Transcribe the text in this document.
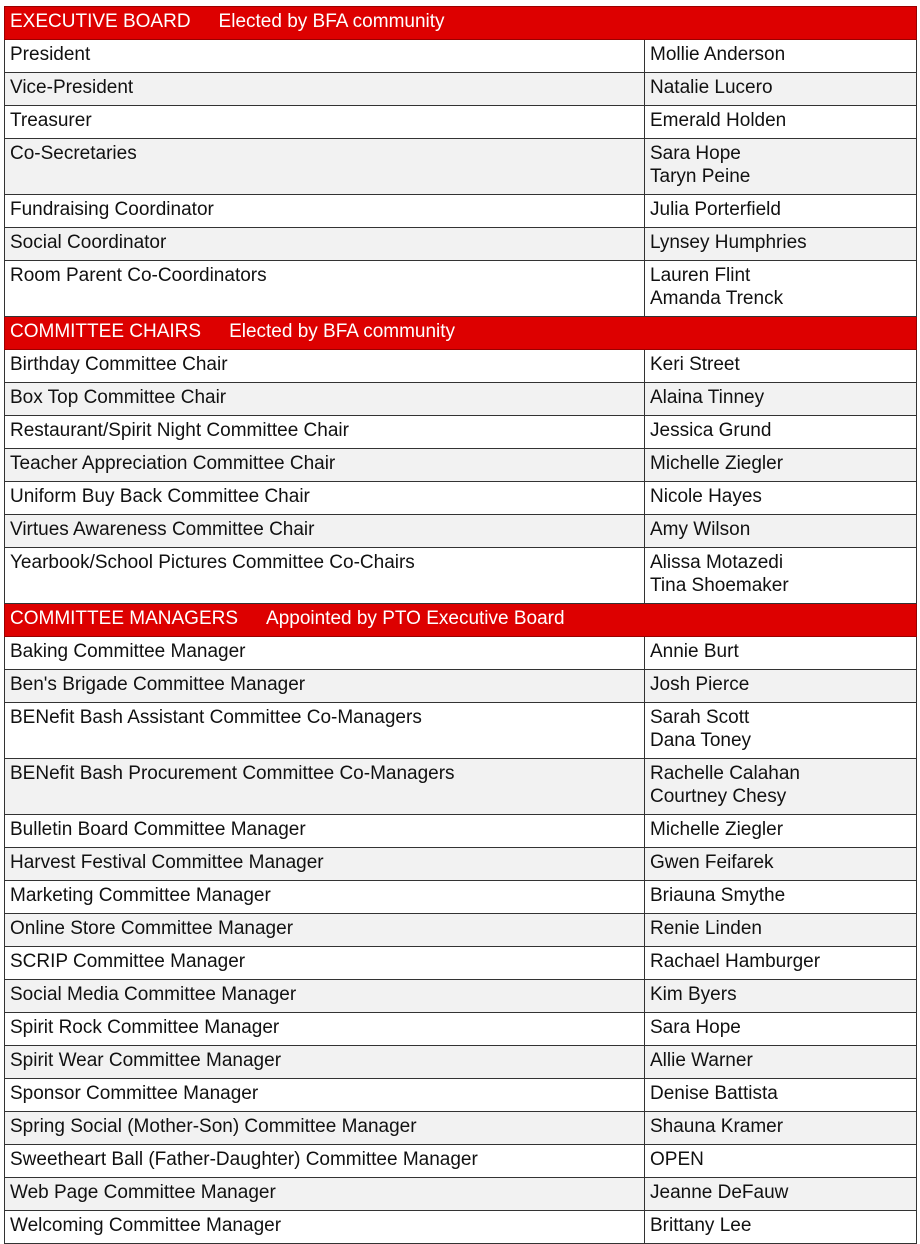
EXECUTIVE BOARD Elected by BFA community	
President	Mollie Anderson

Vice-President	Natalie Lucero

Treasurer	Emerald Holden

Co-Secretaries	Sara Hope
Taryn Peine

Fundraising Coordinator	Julia Porterfield

Social Coordinator	Lynsey Humphries

Room Parent Co-Coordinators	Lauren Flint
Amanda Trenck

COMMITTEE CHAIRS Elected by BFA community	
Birthday Committee Chair	Keri Street

Box Top Committee Chair	Alaina Tinney

Restaurant/Spirit Night Committee Chair	Jessica Grund

Teacher Appreciation Committee Chair	Michelle Ziegler

Uniform Buy Back Committee Chair	Nicole Hayes

Virtues Awareness Committee Chair	Amy Wilson

Yearbook/School Pictures Committee Co-Chairs	Alissa Motazedi
Tina Shoemaker

COMMITTEE MANAGERS Appointed by PTO Executive Board	
Baking Committee Manager	Annie Burt

Ben's Brigade Committee Manager	Josh Pierce

BENefit Bash Assistant Committee Co-Managers	Sarah Scott
Dana Toney

BENefit Bash Procurement Committee Co-Managers	Rachelle Calahan
Courtney Chesy

Bulletin Board Committee Manager	Michelle Ziegler

Harvest Festival Committee Manager	Gwen Feifarek

Marketing Committee Manager	Briauna Smythe

Online Store Committee Manager	Renie Linden

SCRIP Committee Manager	Rachael Hamburger

Social Media Committee Manager	Kim Byers

Spirit Rock Committee Manager	Sara Hope

Spirit Wear Committee Manager	Allie Warner

Sponsor Committee Manager	Denise Battista

Spring Social (Mother-Son) Committee Manager	Shauna Kramer

Sweetheart Ball (Father-Daughter) Committee Manager	OPEN

Web Page Committee Manager	Jeanne DeFauw

Welcoming Committee Manager	Brittany Lee
